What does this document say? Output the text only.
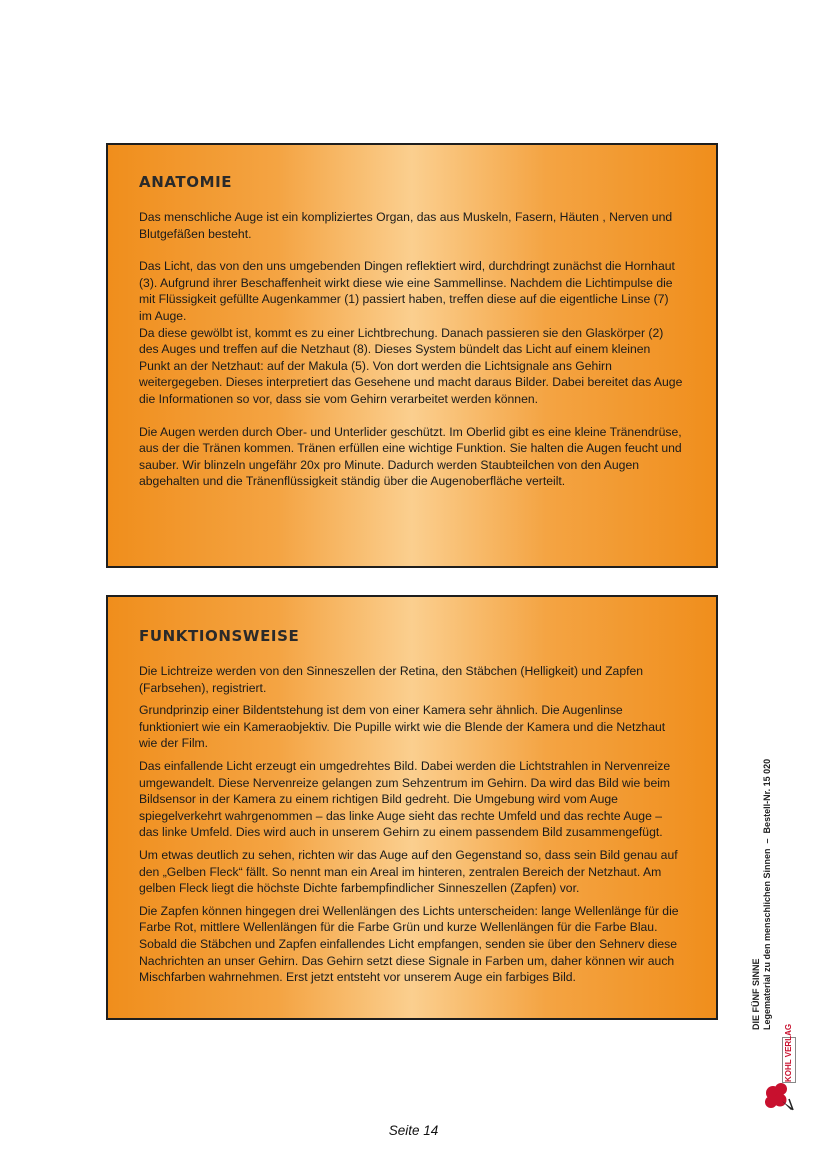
ANATOMIE

Das menschliche Auge ist ein kompliziertes Organ, das aus Muskeln, Fasern, Häuten , Nerven und Blutgefäßen besteht.

Das Licht, das von den uns umgebenden Dingen reflektiert wird, durchdringt zunächst die Hornhaut (3). Aufgrund ihrer Beschaffenheit wirkt diese wie eine Sammellinse. Nachdem die Lichtimpulse die mit Flüssigkeit gefüllte Augenkammer (1) passiert haben, treffen diese auf die eigentliche Linse (7) im Auge.

Da diese gewölbt ist, kommt es zu einer Lichtbrechung. Danach passieren sie den Glaskörper (2) des Auges und treffen auf die Netzhaut (8). Dieses System bündelt das Licht auf einem kleinen Punkt an der Netzhaut: auf der Makula (5). Von dort werden die Lichtsignale ans Gehirn weitergegeben. Dieses interpretiert das Gesehene und macht daraus Bilder. Dabei bereitet das Auge die Informationen so vor, dass sie vom Gehirn verarbeitet werden können.

Die Augen werden durch Ober- und Unterlider geschützt. Im Oberlid gibt es eine kleine Tränendrüse, aus der die Tränen kommen. Tränen erfüllen eine wichtige Funktion. Sie halten die Augen feucht und sauber. Wir blinzeln ungefähr 20x pro Minute. Dadurch werden Staubteilchen von den Augen abgehalten und die Tränenflüssigkeit ständig über die Augenoberfläche verteilt.

FUNKTIONSWEISE

Die Lichtreize werden von den Sinneszellen der Retina, den Stäbchen (Helligkeit) und Zapfen (Farbsehen), registriert.

Grundprinzip einer Bildentstehung ist dem von einer Kamera sehr ähnlich. Die Augenlinse funktioniert wie ein Kameraobjektiv. Die Pupille wirkt wie die Blende der Kamera und die Netzhaut wie der Film.

Das einfallende Licht erzeugt ein umgedrehtes Bild. Dabei werden die Lichtstrahlen in Nervenreize umgewandelt. Diese Nervenreize gelangen zum Sehzentrum im Gehirn. Da wird das Bild wie beim Bildsensor in der Kamera zu einem richtigen Bild gedreht. Die Umgebung wird vom Auge spiegelverkehrt wahrgenommen – das linke Auge sieht das rechte Umfeld und das rechte Auge – das linke Umfeld. Dies wird auch in unserem Gehirn zu einem passendem Bild zusammengefügt.

Um etwas deutlich zu sehen, richten wir das Auge auf den Gegenstand so, dass sein Bild genau auf den „Gelben Fleck“ fällt. So nennt man ein Areal im hinteren, zentralen Bereich der Netzhaut. Am gelben Fleck liegt die höchste Dichte farbempfindlicher Sinneszellen (Zapfen) vor.

Die Zapfen können hingegen drei Wellenlängen des Lichts unterscheiden: lange Wellenlänge für die Farbe Rot, mittlere Wellenlängen für die Farbe Grün und kurze Wellenlängen für die Farbe Blau. Sobald die Stäbchen und Zapfen einfallendes Licht empfangen, senden sie über den Sehnerv diese Nachrichten an unser Gehirn. Das Gehirn setzt diese Signale in Farben um, daher können wir auch Mischfarben wahrnehmen. Erst jetzt entsteht vor unserem Auge ein farbiges Bild.	DIE FÜNF SINNE Legematerial zu den menschlichen Sinnen–Bestell-Nr. 15 020
KOHL VERLAG
Seite 14
